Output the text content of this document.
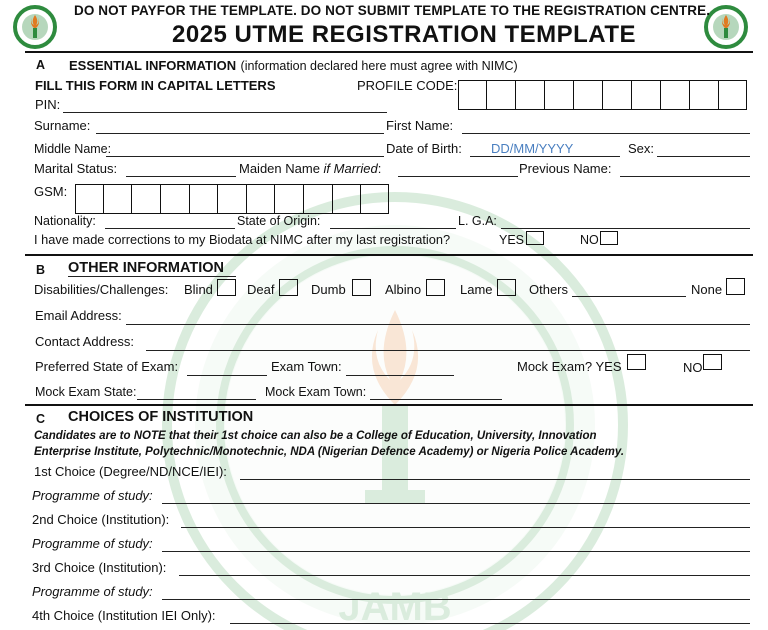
JAMB
DO NOT PAYFOR THE TEMPLATE. DO NOT SUBMIT TEMPLATE TO THE REGISTRATION CENTRE.
2025 UTME REGISTRATION TEMPLATE
A ESSENTIAL INFORMATION (information declared here must agree with NIMC)
FILL THIS FORM IN CAPITAL LETTERS	PROFILE CODE:
PIN:
Surname:	First Name:
Middle Name:	Date of Birth: DD/MM/YYYY	Sex:
Marital Status:	Maiden Name if Married:	Previous Name:
GSM:
Nationality:	State of Origin:	L. G.A:
I have made corrections to my Biodata at NIMC after my last registration?	YES	NO
B OTHER INFORMATION
Disabilities/Challenges: Blind	Deaf	Dumb	Albino	Lame	Others	None
Email Address:
Contact Address:
Preferred State of Exam:	Exam Town:	Mock Exam? YES	NO
Mock Exam State:	Mock Exam Town:
C CHOICES OF INSTITUTION
Candidates are to NOTE that their 1st choice can also be a College of Education, University, Innovation
Enterprise Institute, Polytechnic/Monotechnic, NDA (Nigerian Defence Academy) or Nigeria Police Academy.
1st Choice (Degree/ND/NCE/IEI):
Programme of study:
2nd Choice (Institution):
Programme of study:
3rd Choice (Institution):
Programme of study:
4th Choice (Institution IEI Only):
